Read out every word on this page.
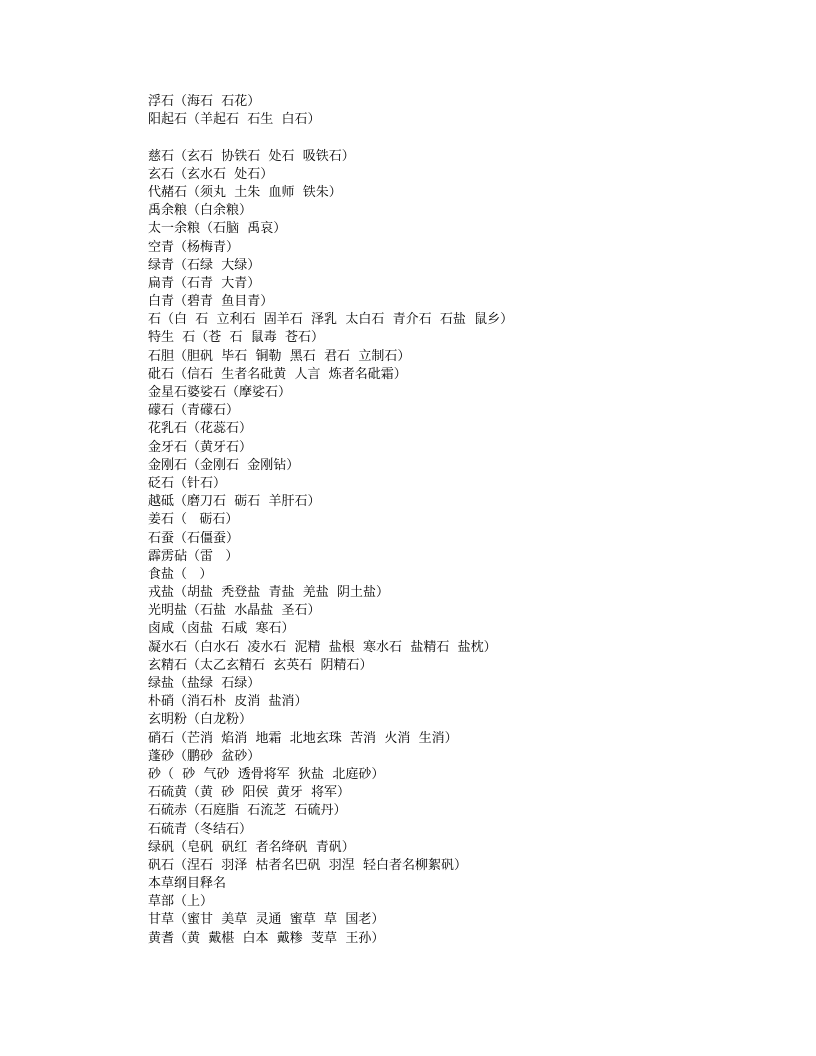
浮石（海石  石花）
阳起石（羊起石  石生  白石）
慈石（玄石  协铁石  处石  吸铁石）
玄石（玄水石  处石）
代赭石（须丸  土朱  血师  铁朱）
禹余粮（白余粮）
太一余粮（石脑  禹哀）
空青（杨梅青）
绿青（石绿  大绿）
扁青（石青  大青）
白青（碧青  鱼目青）
石（白  石  立利石  固羊石  泽乳  太白石  青介石  石盐  鼠乡）
特生  石（苍  石  鼠毒  苍石）
石胆（胆矾  毕石  铜勒  黑石  君石  立制石）
砒石（信石  生者名砒黄  人言  炼者名砒霜）
金星石婆娑石（摩娑石）
礞石（青礞石）
花乳石（花蕊石）
金牙石（黄牙石）
金刚石（金刚石  金刚钻）
砭石（针石）
越砥（磨刀石  砺石  羊肝石）
姜石（   砺石）
石蚕（石僵蚕）
霹雳砧（雷   ）
食盐（   ）
戎盐（胡盐  秃登盐  青盐  羌盐  阴土盐）
光明盐（石盐  水晶盐  圣石）
卤咸（卤盐  石咸  寒石）
凝水石（白水石  凌水石  泥精  盐根  寒水石  盐精石  盐枕）
玄精石（太乙玄精石  玄英石  阴精石）
绿盐（盐绿  石绿）
朴硝（消石朴  皮消  盐消）
玄明粉（白龙粉）
硝石（芒消  焰消  地霜  北地玄珠  苦消  火消  生消）
蓬砂（鹏砂  盆砂）
砂（  砂  气砂  透骨将军  狄盐  北庭砂）
石硫黄（黄  砂  阳侯  黄牙  将军）
石硫赤（石庭脂  石流芝  石硫丹）
石硫青（冬结石）
绿矾（皂矾  矾红  者名绛矾  青矾）
矾石（涅石  羽泽  枯者名巴矾  羽涅  轻白者名柳絮矾）
本草纲目释名
草部（上）
甘草（蜜甘  美草  灵通  蜜草  草  国老）
黄耆（黄  戴椹  白本  戴糁  芰草  王孙）
